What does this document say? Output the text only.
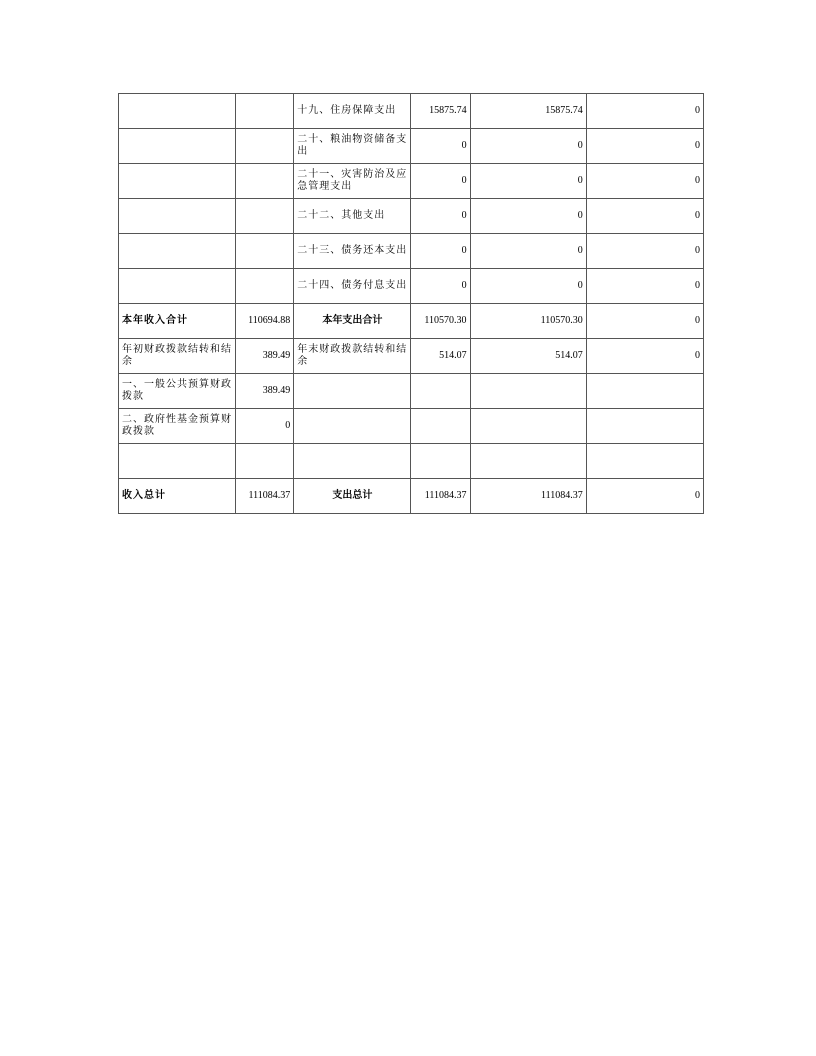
		十九、住房保障支出	15875.74	15875.74	0
		二十、粮油物资储备支出	0	0	0
		二十一、灾害防治及应急管理支出	0	0	0
		二十二、其他支出	0	0	0
		二十三、债务还本支出	0	0	0
		二十四、债务付息支出	0	0	0
本年收入合计	110694.88	本年支出合计	110570.30	110570.30	0
年初财政拨款结转和结余	389.49	年末财政拨款结转和结余	514.07	514.07	0
一、一般公共预算财政拨款	389.49				
二、政府性基金预算财政拨款	0				

收入总计	111084.37	支出总计	111084.37	111084.37	0
